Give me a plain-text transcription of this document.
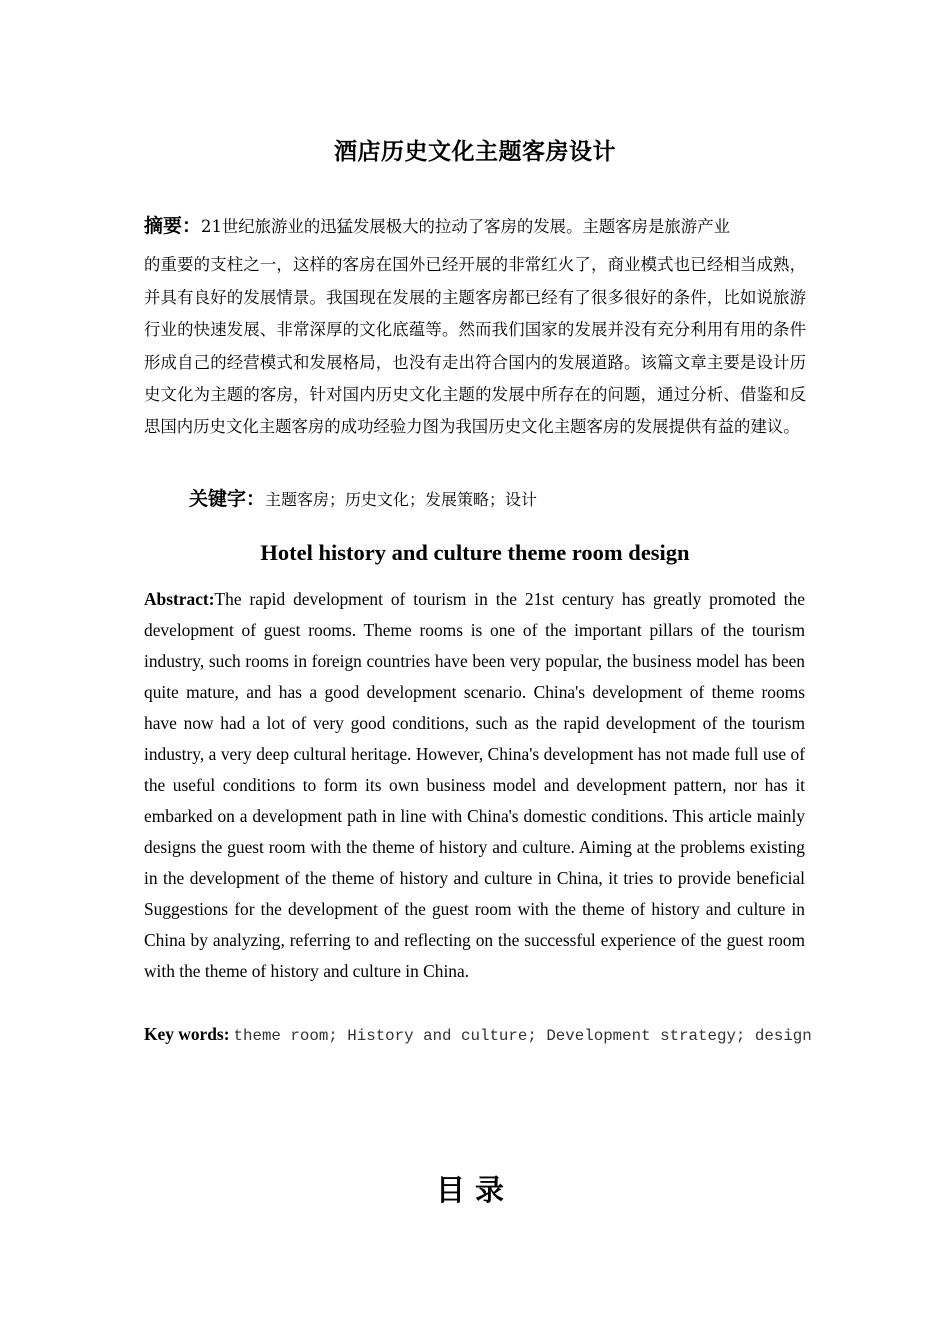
酒店历史文化主题客房设计
摘要：21世纪旅游业的迅猛发展极大的拉动了客房的发展。主题客房是旅游产业
的重要的支柱之一，这样的客房在国外已经开展的非常红火了，商业模式也已经相当成熟，并具有良好的发展情景。我国现在发展的主题客房都已经有了很多很好的条件，比如说旅游行业的快速发展、非常深厚的文化底蕴等。然而我们国家的发展并没有充分利用有用的条件形成自己的经营模式和发展格局，也没有走出符合国内的发展道路。该篇文章主要是设计历史文化为主题的客房，针对国内历史文化主题的发展中所存在的问题，通过分析、借鉴和反思国内历史文化主题客房的成功经验力图为我国历史文化主题客房的发展提供有益的建议。
关键字：主题客房；历史文化；发展策略；设计
Hotel history and culture theme room design
Abstract:The rapid development of tourism in the 21st century has greatly promoted the development of guest rooms. Theme rooms is one of the important pillars of the tourism industry, such rooms in foreign countries have been very popular, the business model has been quite mature, and has a good development scenario. China's development of theme rooms have now had a lot of very good conditions, such as the rapid development of the tourism industry, a very deep cultural heritage. However, China's development has not made full use of the useful conditions to form its own business model and development pattern, nor has it embarked on a development path in line with China's domestic conditions. This article mainly designs the guest room with the theme of history and culture. Aiming at the problems existing in the development of the theme of history and culture in China, it tries to provide beneficial Suggestions for the development of the guest room with the theme of history and culture in China by analyzing, referring to and reflecting on the successful experience of the guest room with the theme of history and culture in China.
Key words: theme room; History and culture; Development strategy; design
目录
